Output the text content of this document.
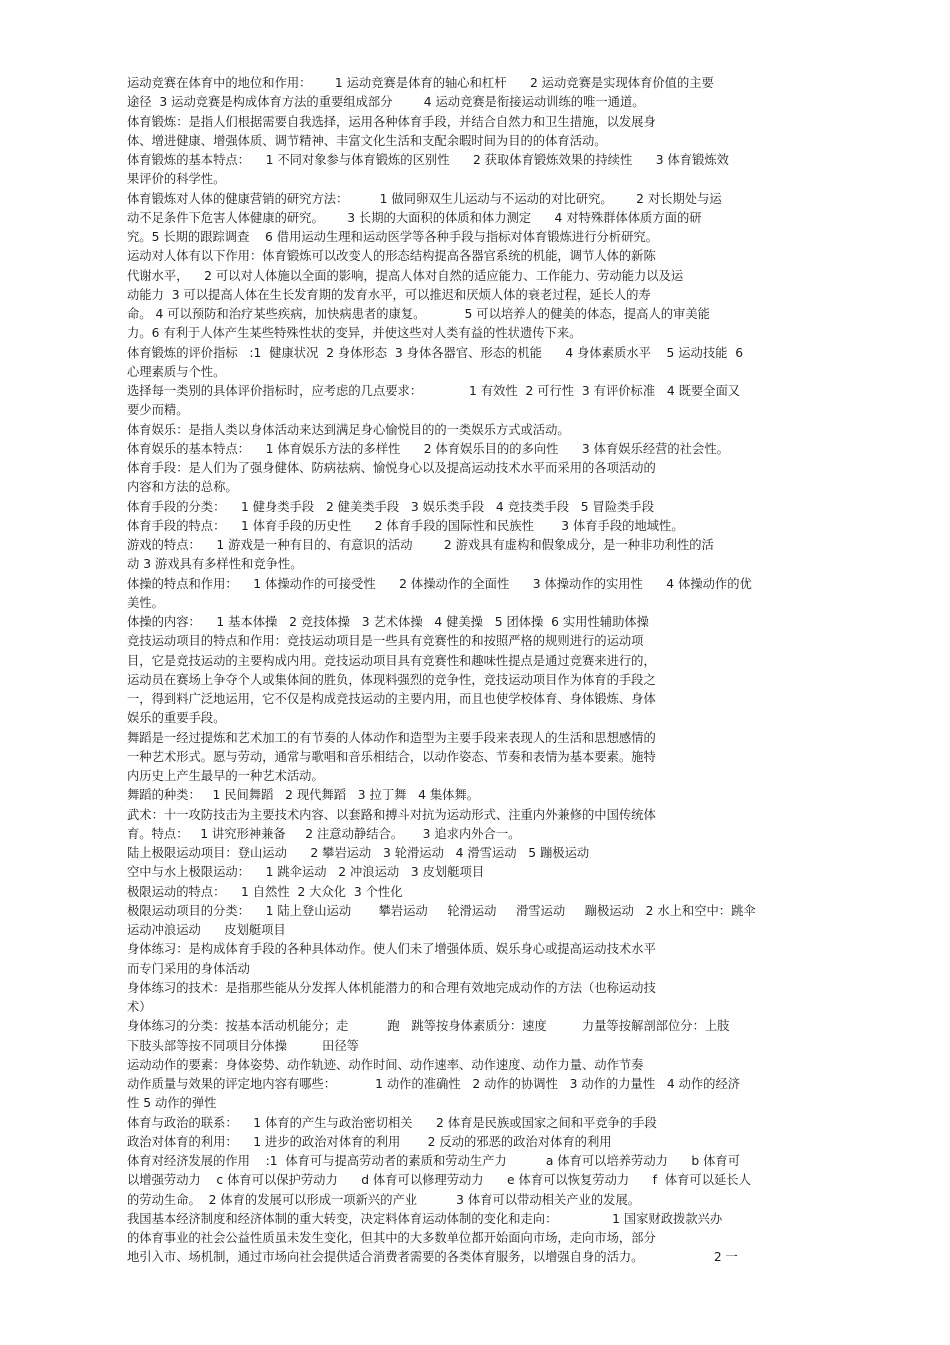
运动竞赛在体育中的地位和作用：      1 运动竞赛是体育的轴心和杠杆      2 运动竞赛是实现体育价值的主要
途径  3 运动竞赛是构成体育方法的重要组成部分        4 运动竞赛是衔接运动训练的唯一通道。
体育锻炼：是指人们根据需要自我选择，运用各种体育手段，并结合自然力和卫生措施，以发展身
体、增进健康、增强体质、调节精神、丰富文化生活和支配余暇时间为目的的体育活动。
体育锻炼的基本特点：    1 不同对象参与体育锻炼的区别性      2 获取体育锻炼效果的持续性      3 体育锻炼效
果评价的科学性。
体育锻炼对人体的健康营销的研究方法：        1 做同卵双生儿运动与不运动的对比研究。      2 对长期处与运
动不足条件下危害人体健康的研究。      3 长期的大面积的体质和体力测定      4 对特殊群体体质方面的研
究。5 长期的跟踪调查    6 借用运动生理和运动医学等各种手段与指标对体育锻炼进行分析研究。
运动对人体有以下作用：体育锻炼可以改变人的形态结构提高各器官系统的机能，调节人体的新陈
代谢水平，    2 可以对人体施以全面的影响，提高人体对自然的适应能力、工作能力、劳动能力以及运
动能力  3 可以提高人体在生长发育期的发育水平，可以推迟和厌烦人体的衰老过程，延长人的寿
命。 4 可以预防和治疗某些疾病，加快病患者的康复。          5 可以培养人的健美的体态，提高人的审美能
力。6 有利于人体产生某些特殊性状的变异，并使这些对人类有益的性状遗传下来。
体育锻炼的评价指标   :1  健康状况  2 身体形态  3 身体各器官、形态的机能      4 身体素质水平    5 运动技能  6
心理素质与个性。
选择每一类别的具体评价指标时，应考虑的几点要求：            1 有效性  2 可行性  3 有评价标准   4 既要全面又
要少而精。
体育娱乐：是指人类以身体活动来达到满足身心愉悦目的的一类娱乐方式或活动。
体育娱乐的基本特点：    1 体育娱乐方法的多样性      2 体育娱乐目的的多向性      3 体育娱乐经营的社会性。
体育手段：是人们为了强身健体、防病祛病、愉悦身心以及提高运动技术水平而采用的各项活动的
内容和方法的总称。
体育手段的分类：    1 健身类手段   2 健美类手段   3 娱乐类手段   4 竞技类手段   5 冒险类手段
体育手段的特点：    1 体育手段的历史性      2 体育手段的国际性和民族性       3 体育手段的地域性。
游戏的特点：    1 游戏是一种有目的、有意识的活动        2 游戏具有虚构和假象成分，是一种非功利性的活
动 3 游戏具有多样性和竞争性。
体操的特点和作用：    1 体操动作的可接受性      2 体操动作的全面性      3 体操动作的实用性      4 体操动作的优
美性。
体操的内容：    1 基本体操   2 竞技体操   3 艺术体操   4 健美操   5 团体操  6 实用性辅助体操
竞技运动项目的特点和作用：竞技运动项目是一些具有竞赛性的和按照严格的规则进行的运动项
目，它是竞技运动的主要构成内用。竞技运动项目具有竞赛性和趣味性提点是通过竞赛来进行的，
运动员在赛场上争夺个人或集体间的胜负，体现料强烈的竞争性，竞技运动项目作为体育的手段之
一，得到料广泛地运用，它不仅是构成竞技运动的主要内用，而且也使学校体育、身体锻炼、身体
娱乐的重要手段。
舞蹈是一经过提炼和艺术加工的有节奏的人体动作和造型为主要手段来表现人的生活和思想感情的
一种艺术形式。愿与劳动，通常与歌唱和音乐相结合，以动作姿态、节奏和表情为基本要素。施特
内历史上产生最早的一种艺术活动。
舞蹈的种类：   1 民间舞蹈   2 现代舞蹈   3 拉丁舞   4 集体舞。
武术：十一攻防技击为主要技术内容、以套路和搏斗对抗为运动形式、注重内外兼修的中国传统体
育。特点：   1 讲究形神兼备     2 注意动静结合。     3 追求内外合一。
陆上极限运动项目：登山运动      2 攀岩运动   3 轮滑运动   4 滑雪运动   5 蹦极运动
空中与水上极限运动：    1 跳伞运动   2 冲浪运动   3 皮划艇项目
极限运动的特点：    1 自然性  2 大众化  3 个性化
极限运动项目的分类：    1 陆上登山运动       攀岩运动     轮滑运动     滑雪运动     蹦极运动   2 水上和空中：跳伞
运动冲浪运动      皮划艇项目
身体练习：是构成体育手段的各种具体动作。使人们未了增强体质、娱乐身心或提高运动技术水平
而专门采用的身体活动
身体练习的技术：是指那些能从分发挥人体机能潜力的和合理有效地完成动作的方法（也称运动技
术）
身体练习的分类：按基本活动机能分；走          跑   跳等按身体素质分：速度         力量等按解剖部位分：上肢
下肢头部等按不同项目分体操         田径等
运动动作的要素：身体姿势、动作轨迹、动作时间、动作速率、动作速度、动作力量、动作节奏
动作质量与效果的评定地内容有哪些：          1 动作的准确性   2 动作的协调性   3 动作的力量性   4 动作的经济
性 5 动作的弹性
体育与政治的联系：    1 体育的产生与政治密切相关      2 体育是民族或国家之间和平竞争的手段
政治对体育的利用：    1 进步的政治对体育的利用       2 反动的邪恶的政治对体育的利用
体育对经济发展的作用    :1  体育可与提高劳动者的素质和劳动生产力          a 体育可以培养劳动力      b 体育可
以增强劳动力    c 体育可以保护劳动力      d 体育可以修理劳动力      e 体育可以恢复劳动力      f  体育可以延长人
的劳动生命。  2 体育的发展可以形成一项新兴的产业          3 体育可以带动相关产业的发展。
我国基本经济制度和经济体制的重大转变，决定料体育运动体制的变化和走向：              1 国家财政拨款兴办
的体育事业的社会公益性质虽未发生变化，但其中的大多数单位都开始面向市场，走向市场，部分
地引入市、场机制，通过市场向社会提供适合消费者需要的各类体育服务，以增强自身的活力。                  2 一
